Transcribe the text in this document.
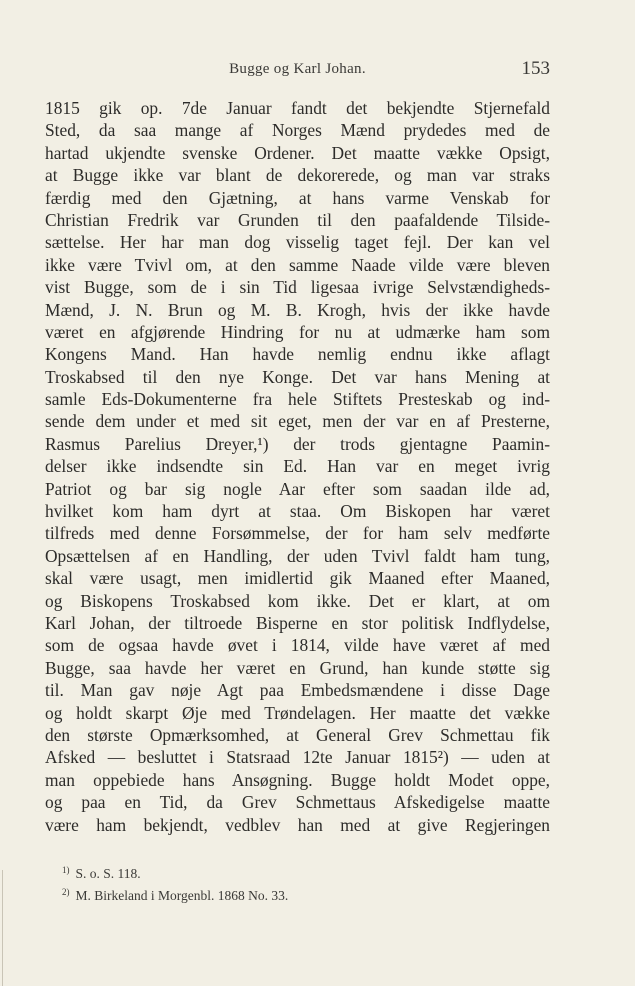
Bugge og Karl Johan.	153
1815 gik op. 7de Januar fandt det bekjendte Stjernefald
Sted, da saa mange af Norges Mænd prydedes med de
hartad ukjendte svenske Ordener. Det maatte vække Opsigt,
at Bugge ikke var blant de dekorerede, og man var straks
færdig med den Gjætning, at hans varme Venskab for
Christian Fredrik var Grunden til den paafaldende Tilside-
sættelse. Her har man dog visselig taget fejl. Der kan vel
ikke være Tvivl om, at den samme Naade vilde være bleven
vist Bugge, som de i sin Tid ligesaa ivrige Selvstændigheds-
Mænd, J. N. Brun og M. B. Krogh, hvis der ikke havde
været en afgjørende Hindring for nu at udmærke ham som
Kongens Mand. Han havde nemlig endnu ikke aflagt
Troskabsed til den nye Konge. Det var hans Mening at
samle Eds-Dokumenterne fra hele Stiftets Presteskab og ind-
sende dem under et med sit eget, men der var en af Presterne,
Rasmus Parelius Dreyer,¹) der trods gjentagne Paamin-
delser ikke indsendte sin Ed. Han var en meget ivrig
Patriot og bar sig nogle Aar efter som saadan ilde ad,
hvilket kom ham dyrt at staa. Om Biskopen har været
tilfreds med denne Forsømmelse, der for ham selv medførte
Opsættelsen af en Handling, der uden Tvivl faldt ham tung,
skal være usagt, men imidlertid gik Maaned efter Maaned,
og Biskopens Troskabsed kom ikke. Det er klart, at om
Karl Johan, der tiltroede Bisperne en stor politisk Indflydelse,
som de ogsaa havde øvet i 1814, vilde have været af med
Bugge, saa havde her været en Grund, han kunde støtte sig
til. Man gav nøje Agt paa Embedsmændene i disse Dage
og holdt skarpt Øje med Trøndelagen. Her maatte det vække
den største Opmærksomhed, at General Grev Schmettau fik
Afsked — besluttet i Statsraad 12te Januar 1815²) — uden at
man oppebiede hans Ansøgning. Bugge holdt Modet oppe,
og paa en Tid, da Grev Schmettaus Afskedigelse maatte
være ham bekjendt, vedblev han med at give Regjeringen
$^{1)}$ S. o. S. 118.
$^{2)}$ M. Birkeland i Morgenbl. 1868 No. 33.
